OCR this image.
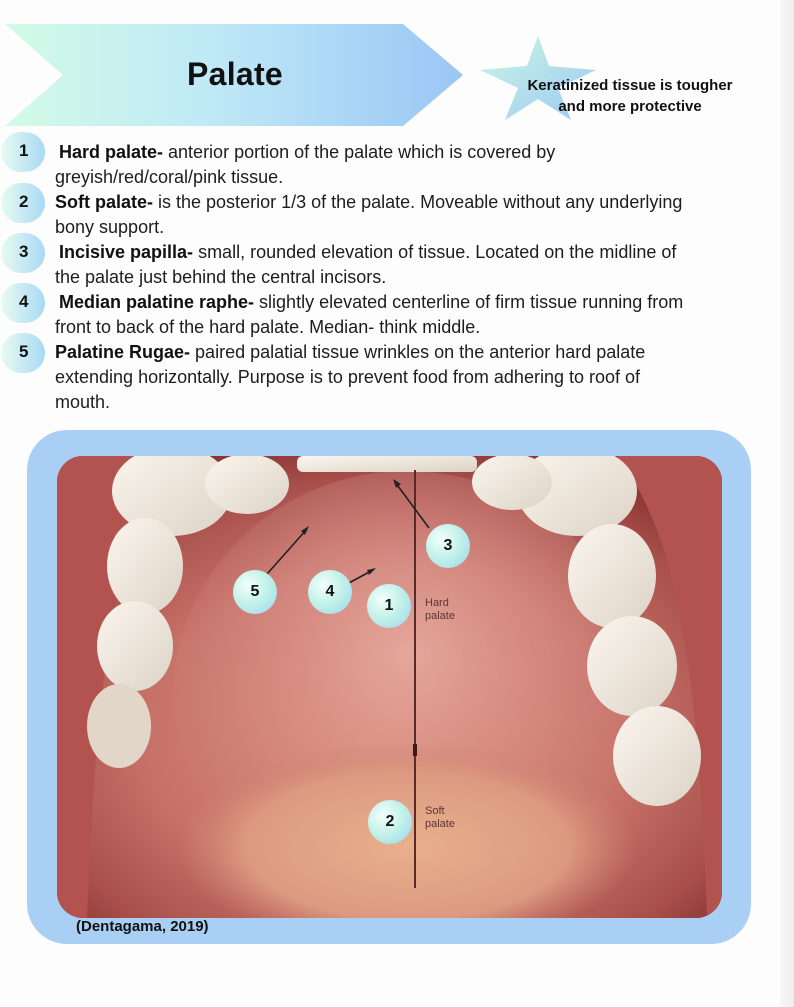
Palate	Keratinized tissue is tougher
and more protective
1 Hard palate- anterior portion of the palate which is covered by
greyish/red/coral/pink tissue.
2 Soft palate- is the posterior 1/3 of the palate. Moveable without any underlying
bony support.
3 Incisive papilla- small, rounded elevation of tissue. Located on the midline of
the palate just behind the central incisors.
4 Median palatine raphe- slightly elevated centerline of firm tissue running from
front to back of the hard palate. Median- think middle.
5 Palatine Rugae- paired palatial tissue wrinkles on the anterior hard palate
extending horizontally. Purpose is to prevent food from adhering to roof of
mouth.
5	4
1
3
2
Hard
palate
Soft
palate
(Dentagama, 2019)
